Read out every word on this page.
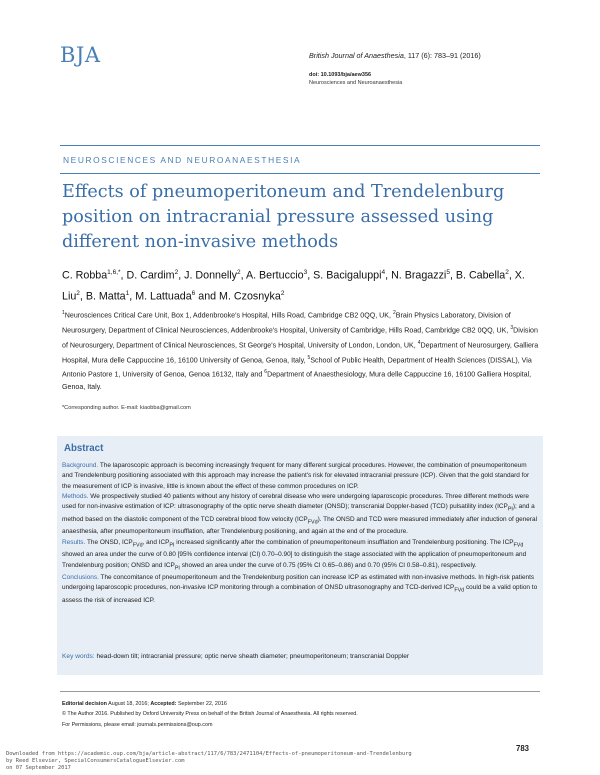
BJA	British Journal of Anaesthesia, 117 (6): 783–91 (2016)
doi: 10.1093/bja/aew356
Neurosciences and Neuroanaesthesia
NEUROSCIENCES AND NEUROANAESTHESIA
Effects of pneumoperitoneum and Trendelenburg position on intracranial pressure assessed using different non-invasive methods
C. Robba$^{1,6,*}$, D. Cardim$^2$, J. Donnelly$^2$, A. Bertuccio$^3$, S. Bacigaluppi$^4$, N. Bragazzi$^5$, B. Cabella$^2$, X. Liu$^2$, B. Matta$^1$, M. Lattuada$^6$ and M. Czosnyka$^2$
$^1$Neurosciences Critical Care Unit, Box 1, Addenbrooke's Hospital, Hills Road, Cambridge CB2 0QQ, UK, $^2$Brain Physics Laboratory, Division of Neurosurgery, Department of Clinical Neurosciences, Addenbrooke's Hospital, University of Cambridge, Hills Road, Cambridge CB2 0QQ, UK, $^3$Division of Neurosurgery, Department of Clinical Neurosciences, St George's Hospital, University of London, London, UK, $^4$Department of Neurosurgery, Galliera Hospital, Mura delle Cappuccine 16, 16100 University of Genoa, Genoa, Italy, $^5$School of Public Health, Department of Health Sciences (DISSAL), Via Antonio Pastore 1, University of Genoa, Genoa 16132, Italy and $^6$Department of Anaesthesiology, Mura delle Cappuccine 16, 16100 Galliera Hospital, Genoa, Italy.
*Corresponding author. E-mail: kiaobba@gmail.com
Abstract

Background. The laparoscopic approach is becoming increasingly frequent for many different surgical procedures. However, the combination of pneumoperitoneum and Trendelenburg positioning associated with this approach may increase the patient's risk for elevated intracranial pressure (ICP). Given that the gold standard for the measurement of ICP is invasive, little is known about the effect of these common procedures on ICP.

Methods. We prospectively studied 40 patients without any history of cerebral disease who were undergoing laparoscopic procedures. Three different methods were used for non-invasive estimation of ICP: ultrasonography of the optic nerve sheath diameter (ONSD); transcranial Doppler-based (TCD) pulsatility index $(ICP_{PI})$; and a method based on the diastolic component of the TCD cerebral blood flow velocity $(ICP_{FVd})$. The ONSD and TCD were measured immediately after induction of general anaesthesia, after pneumoperitoneum insufflation, after Trendelenburg positioning, and again at the end of the procedure.

Results. The ONSD, $ICP_{FVd}$, and $ICP_{PI}$ increased significantly after the combination of pneumoperitoneum insufflation and Trendelenburg positioning. The $ICP_{FVd}$ showed an area under the curve of 0.80 [95% confidence interval (CI) 0.70–0.90] to distinguish the stage associated with the application of pneumoperitoneum and Trendelenburg position; ONSD and $ICP_{PI}$ showed an area under the curve of 0.75 (95% CI 0.65–0.86) and 0.70 (95% CI 0.58–0.81), respectively.

Conclusions. The concomitance of pneumoperitoneum and the Trendelenburg position can increase ICP as estimated with non-invasive methods. In high-risk patients undergoing laparoscopic procedures, non-invasive ICP monitoring through a combination of ONSD ultrasonography and TCD-derived $ICP_{FVd}$ could be a valid option to assess the risk of increased ICP.

Key words: head-down tilt; intracranial pressure; optic nerve sheath diameter; pneumoperitoneum; transcranial Doppler
Editorial decision August 18, 2016; Accepted: September 22, 2016
© The Author 2016. Published by Oxford University Press on behalf of the British Journal of Anaesthesia. All rights reserved.
For Permissions, please email: journals.permissions@oup.com
783
Downloaded from https://academic.oup.com/bja/article-abstract/117/6/783/2471104/Effects-of-pneumoperitoneum-and-Trendelenburg
by Reed Elsevier, SpecialConsumersCatalogueElsevier.com
on 07 September 2017
